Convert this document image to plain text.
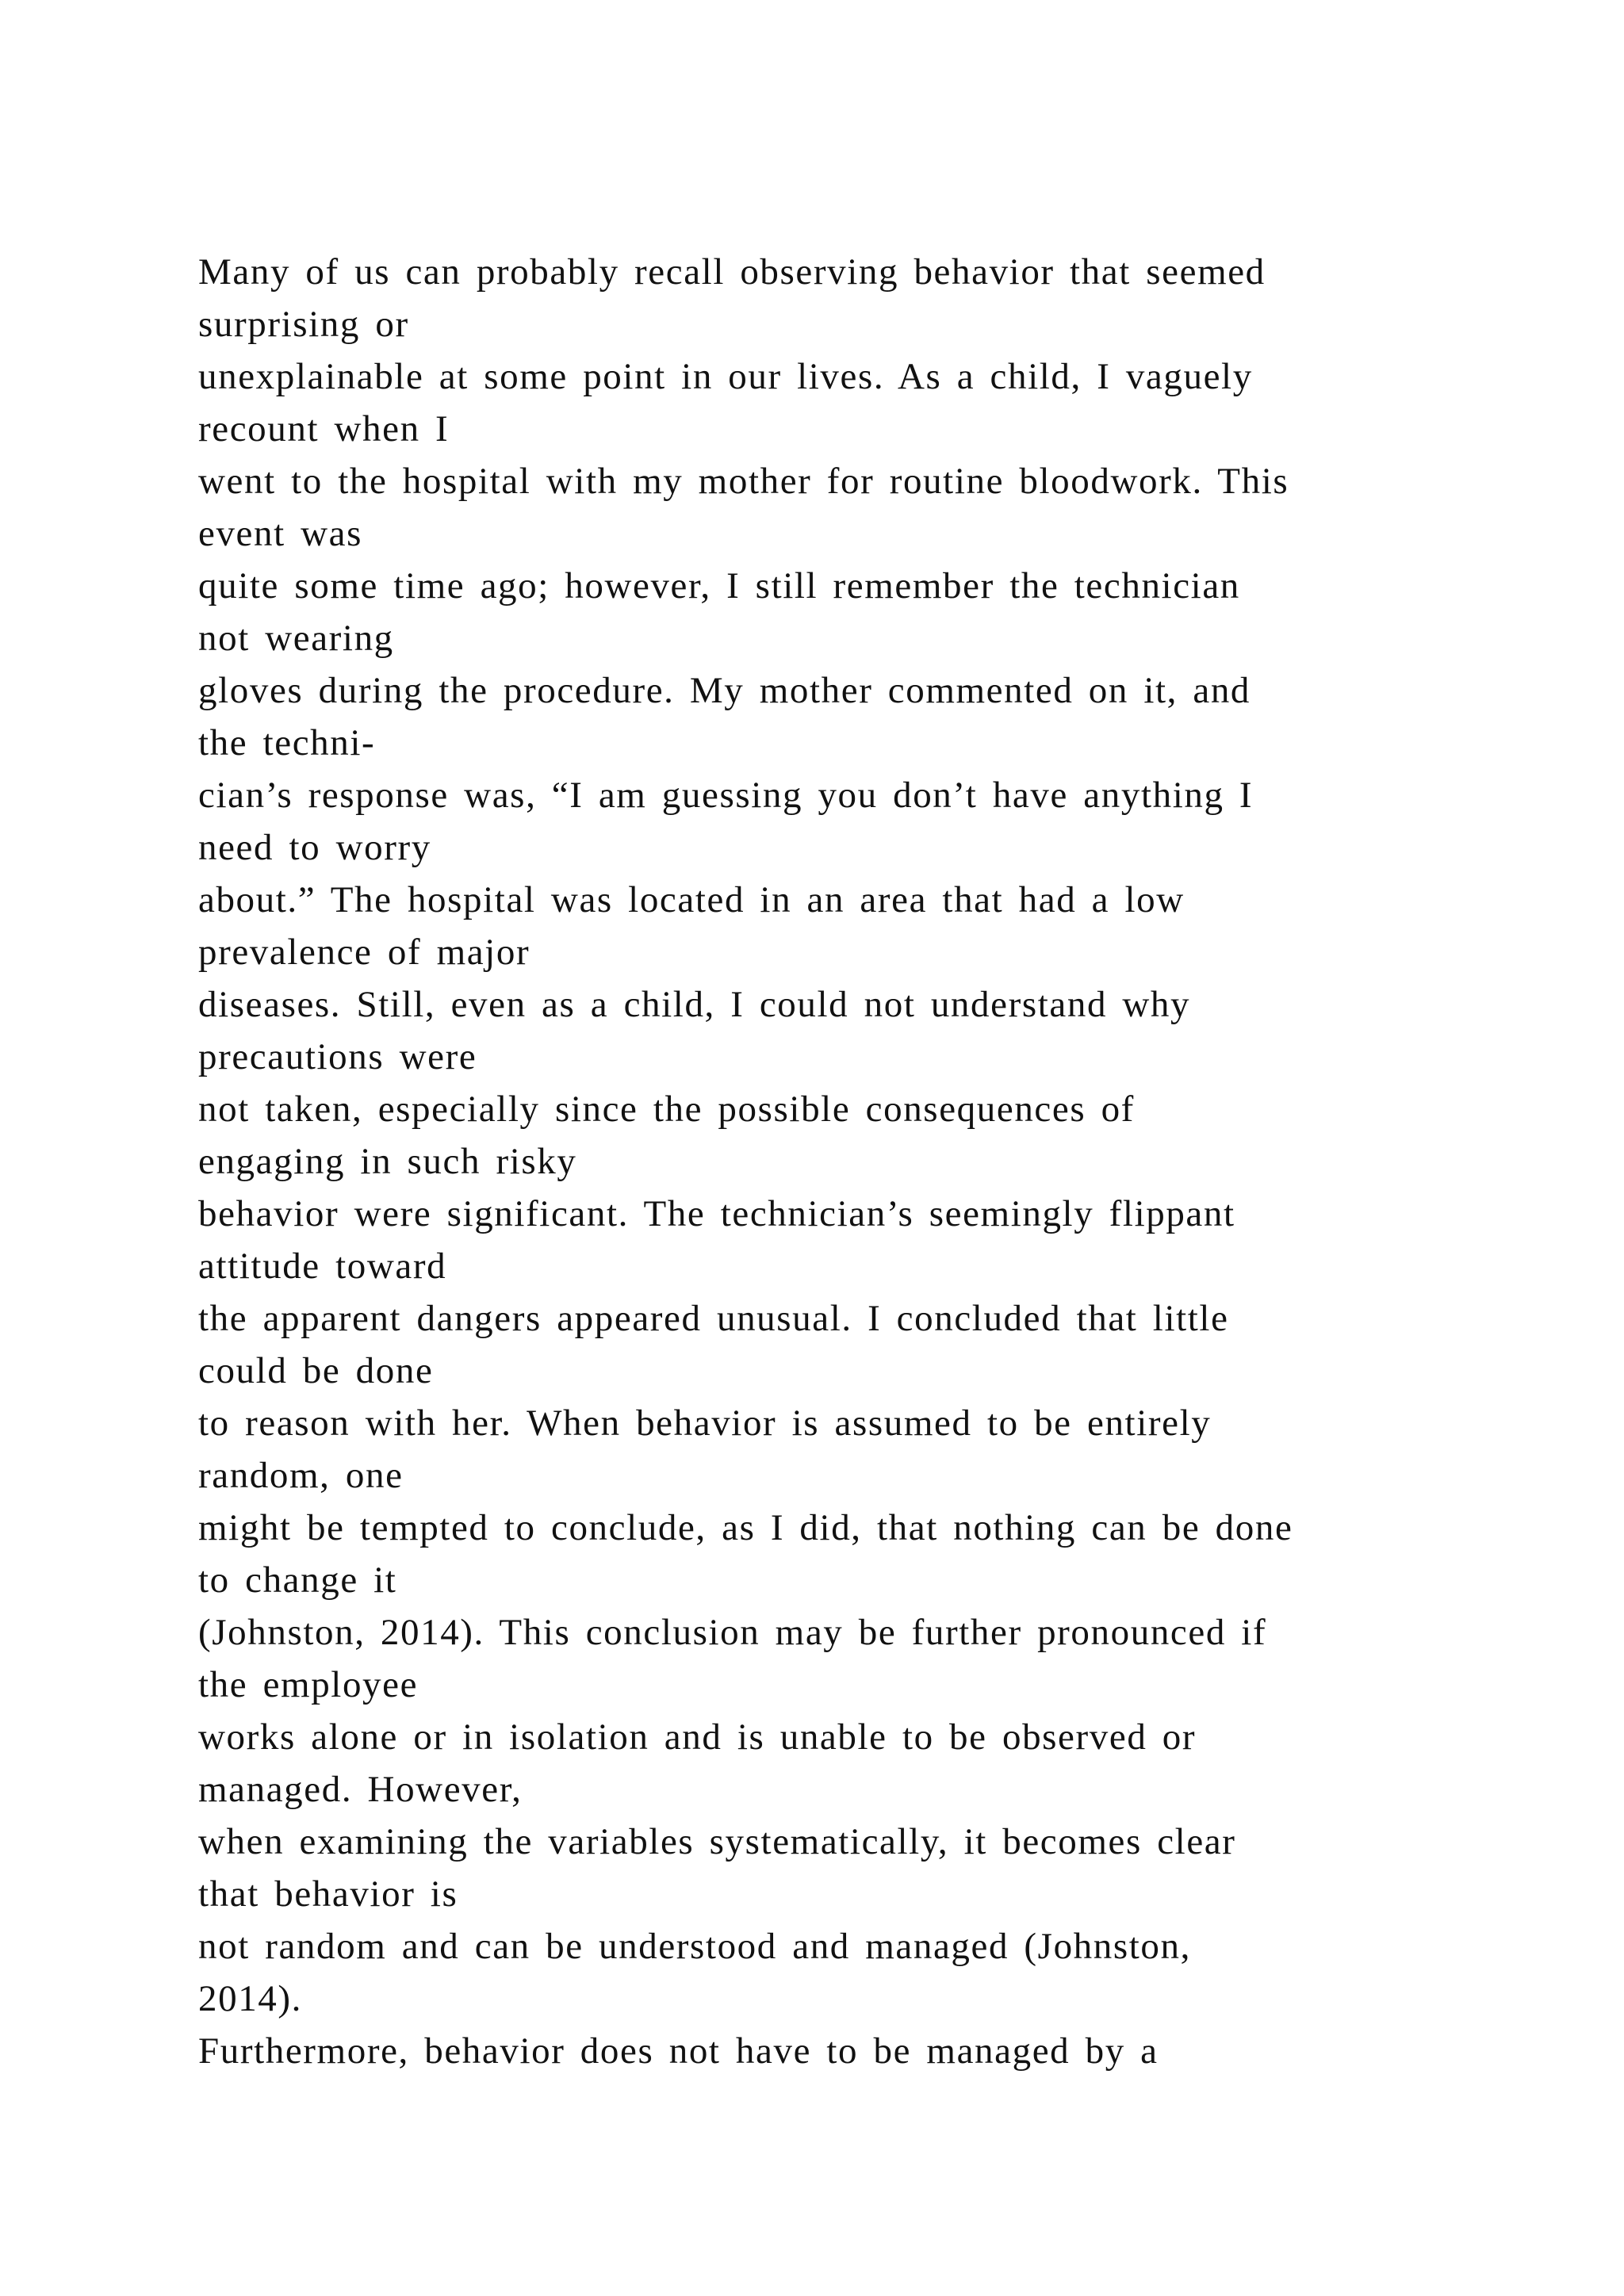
Many of us can probably recall observing behavior that seemed
surprising or
unexplainable at some point in our lives. As a child, I vaguely
recount when I
went to the hospital with my mother for routine bloodwork. This
event was
quite some time ago; however, I still remember the technician
not wearing
gloves during the procedure. My mother commented on it, and
the techni-
cian’s response was, “I am guessing you don’t have anything I
need to worry
about.” The hospital was located in an area that had a low
prevalence of major
diseases. Still, even as a child, I could not understand why
precautions were
not taken, especially since the possible consequences of
engaging in such risky
behavior were significant. The technician’s seemingly flippant
attitude toward
the apparent dangers appeared unusual. I concluded that little
could be done
to reason with her. When behavior is assumed to be entirely
random, one
might be tempted to conclude, as I did, that nothing can be done
to change it
(Johnston, 2014). This conclusion may be further pronounced if
the employee
works alone or in isolation and is unable to be observed or
managed. However,
when examining the variables systematically, it becomes clear
that behavior is
not random and can be understood and managed (Johnston,
2014).
Furthermore, behavior does not have to be managed by a
